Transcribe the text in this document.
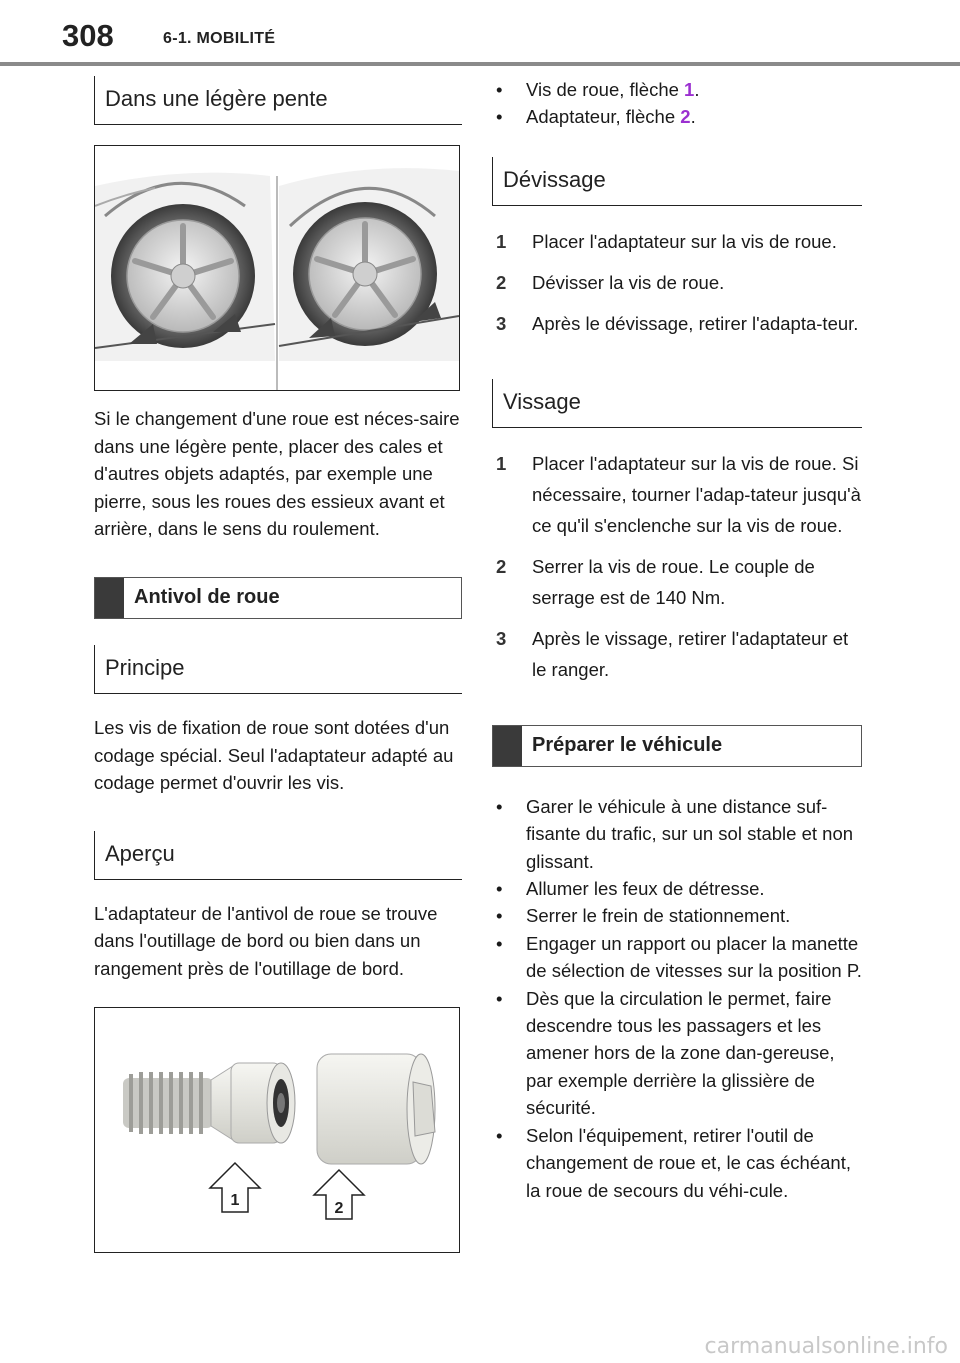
308	6-1. MOBILITÉ
Dans une légère pente

Si le changement d'une roue est néces-saire dans une légère pente, placer des cales et d'autres objets adaptés, par exemple une pierre, sous les roues des essieux avant et arrière, dans le sens du roulement.

Antivol de roue
Principe

Les vis de fixation de roue sont dotées d'un codage spécial. Seul l'adaptateur adapté au codage permet d'ouvrir les vis.

Aperçu

L'adaptateur de l'antivol de roue se trouve dans l'outillage de bord ou bien dans un rangement près de l'outillage de bord.

1	2
•	Vis de roue, flèche 1.
•	Adaptateur, flèche 2.
Dévissage
1	Placer l'adaptateur sur la vis de roue.
2	Dévisser la vis de roue.
3	Après le dévissage, retirer l'adapta-teur.
Vissage
1	Placer l'adaptateur sur la vis de roue. Si nécessaire, tourner l'adap-tateur jusqu'à ce qu'il s'enclenche sur la vis de roue.
2	Serrer la vis de roue. Le couple de serrage est de 140 Nm.
3	Après le vissage, retirer l'adaptateur et le ranger.
Préparer le véhicule
•	Garer le véhicule à une distance suf-fisante du trafic, sur un sol stable et non glissant.
•	Allumer les feux de détresse.
•	Serrer le frein de stationnement.
•	Engager un rapport ou placer la manette de sélection de vitesses sur la position P.
•	Dès que la circulation le permet, faire descendre tous les passagers et les amener hors de la zone dan-gereuse, par exemple derrière la glissière de sécurité.
•	Selon l'équipement, retirer l'outil de changement de roue et, le cas échéant, la roue de secours du véhi-cule.
carmanualsonline.info
